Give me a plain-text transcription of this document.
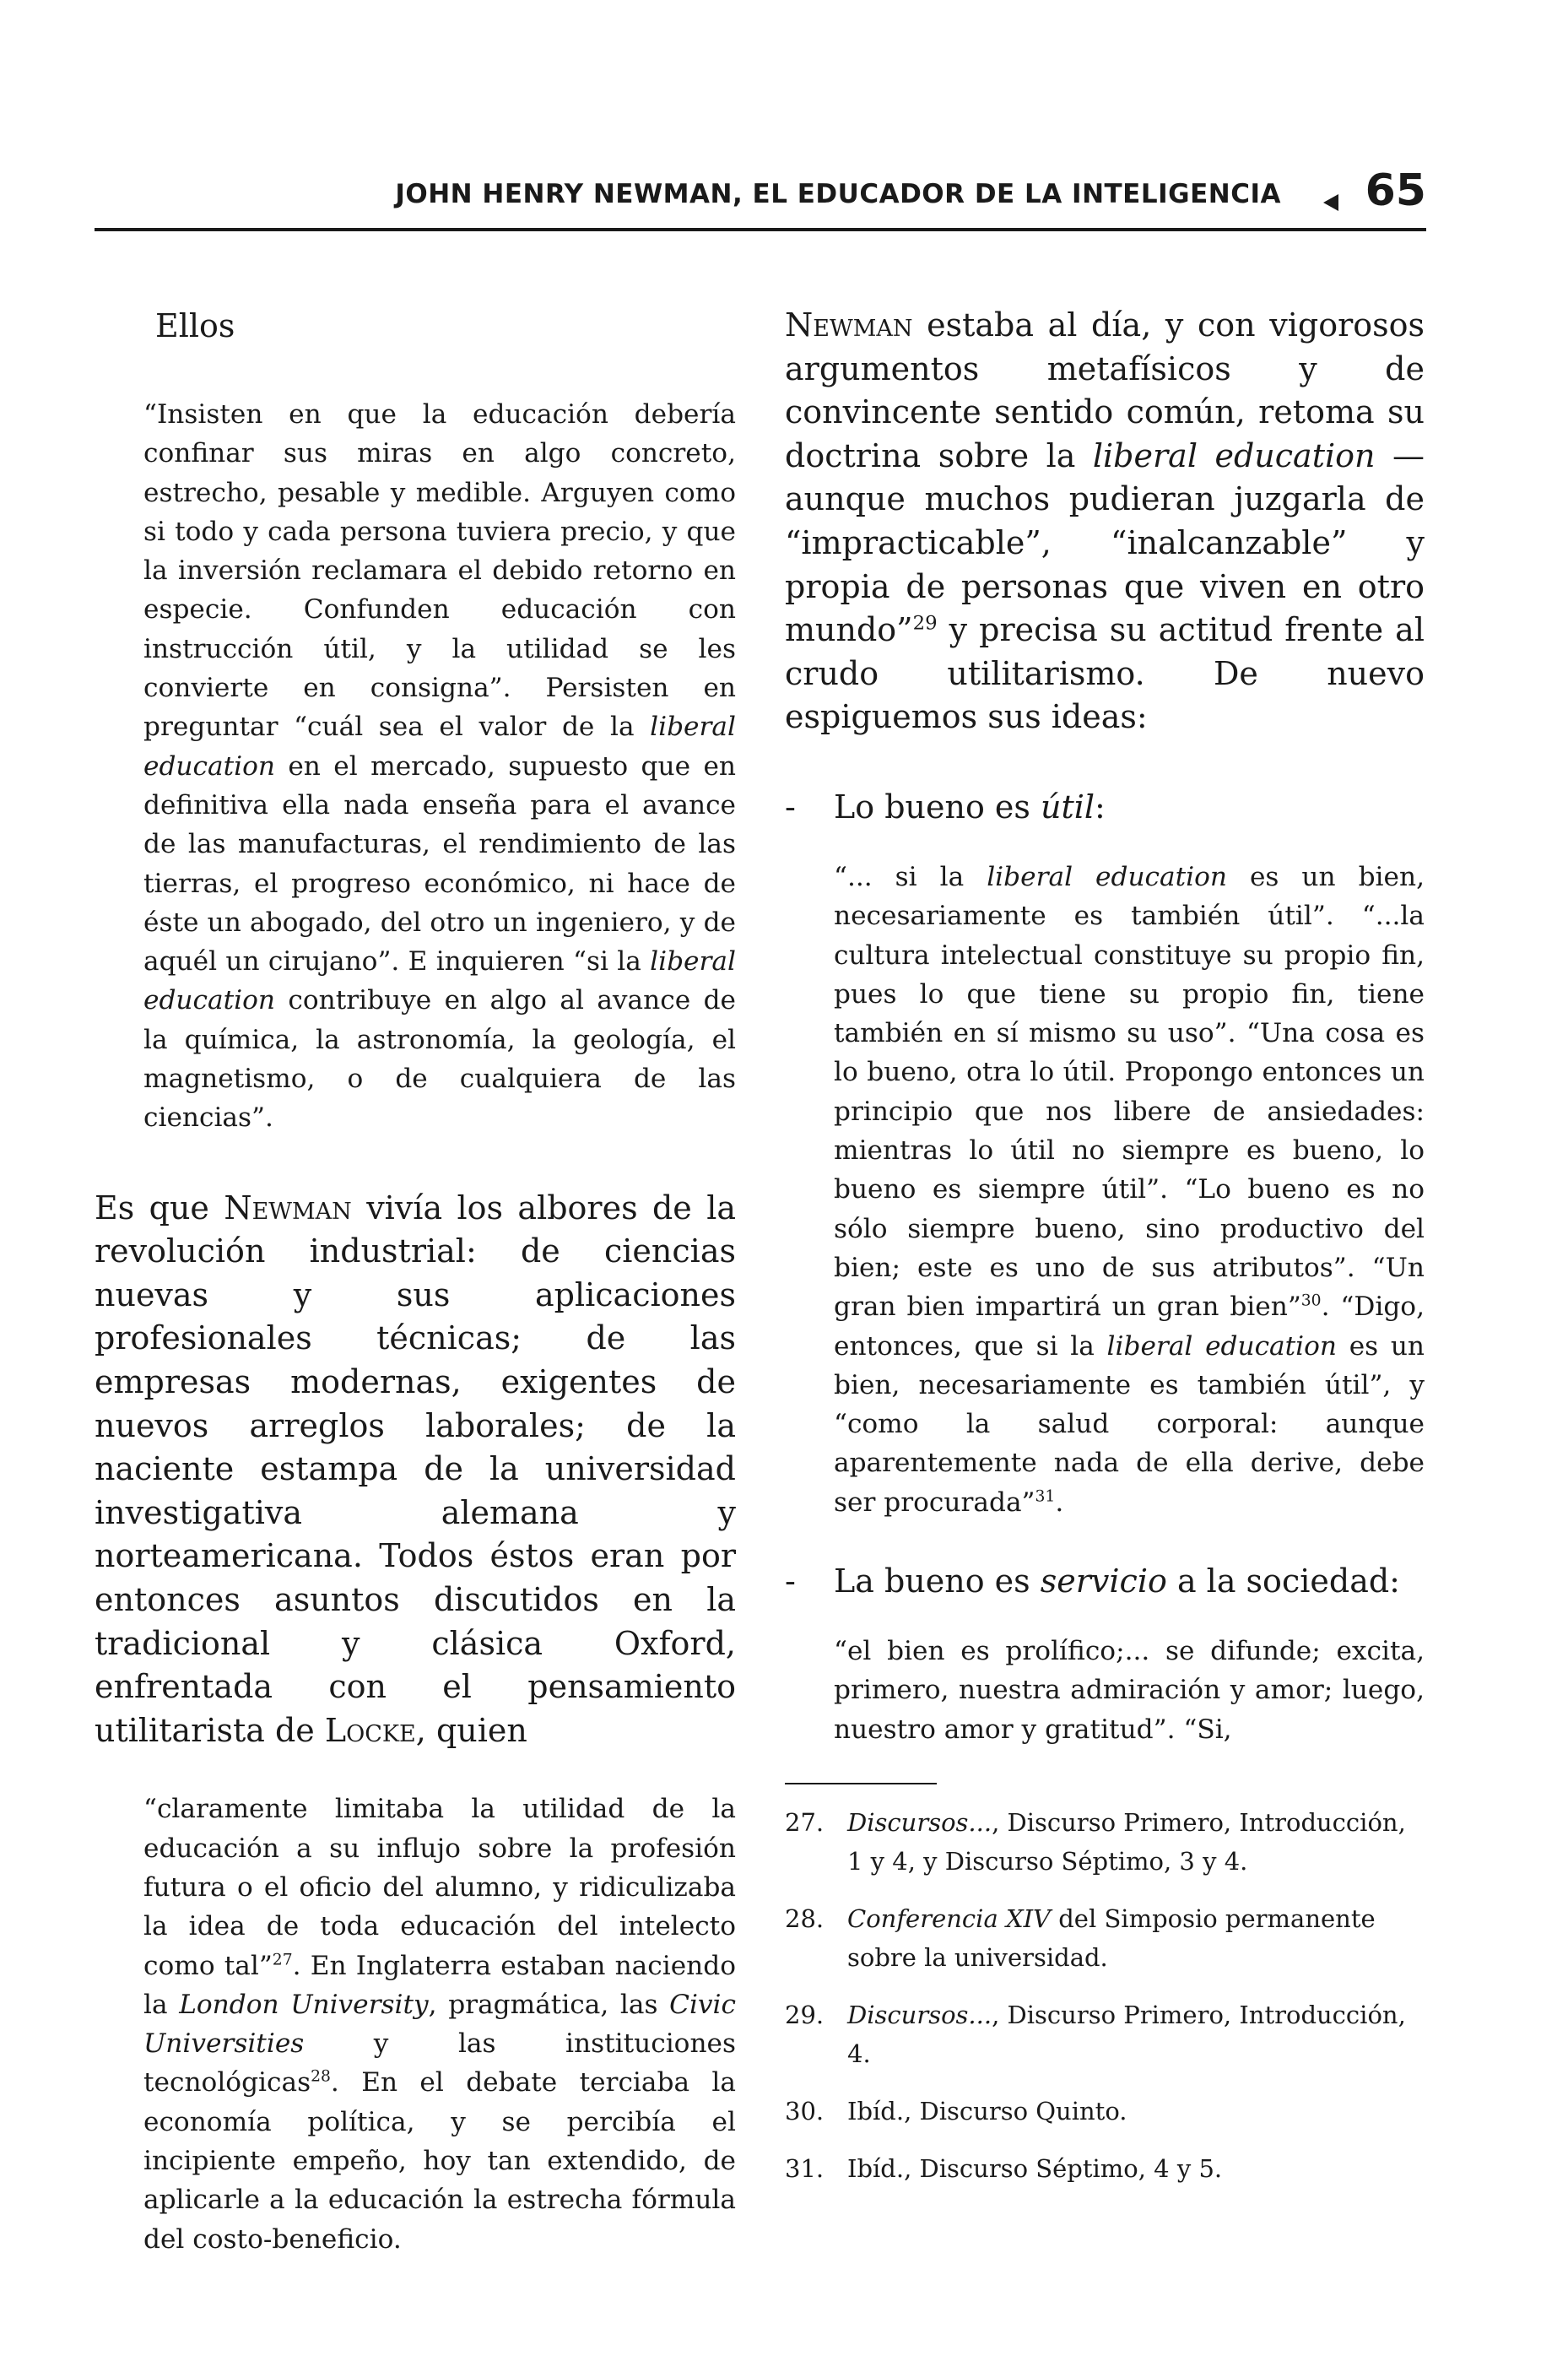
JOHN HENRY NEWMAN, EL EDUCADOR DE LA INTELIGENCIA 65

Ellos

“Insisten en que la educación debería confinar sus miras en algo concreto, estrecho, pesable y medible. Arguyen como si todo y cada persona tuviera precio, y que la inversión reclamara el debido retorno en especie. Confunden educación con instrucción útil, y la utilidad se les convierte en consigna”. Persisten en preguntar “cuál sea el valor de la liberal education en el mercado, supuesto que en definitiva ella nada enseña para el avance de las manufacturas, el rendimiento de las tierras, el progreso económico, ni hace de éste un abogado, del otro un ingeniero, y de aquél un cirujano”. E inquieren “si la liberal education contribuye en algo al avance de la química, la astronomía, la geología, el magnetismo, o de cualquiera de las ciencias”.

Es que Newman vivía los albores de la revolución industrial: de ciencias nuevas y sus aplicaciones profesionales técnicas; de las empresas modernas, exigentes de nuevos arreglos laborales; de la naciente estampa de la universidad investigativa alemana y norteamericana. Todos éstos eran por entonces asuntos discutidos en la tradicional y clásica Oxford, enfrentada con el pensamiento utilitarista de Locke, quien

“claramente limitaba la utilidad de la educación a su influjo sobre la profesión futura o el oficio del alumno, y ridiculizaba la idea de toda educación del intelecto como tal”$^{27}$. En Inglaterra estaban naciendo la London University, pragmática, las Civic Universities y las instituciones tecnológicas$^{28}$. En el debate terciaba la economía política, y se percibía el incipiente empeño, hoy tan extendido, de aplicarle a la educación la estrecha fórmula del costo-beneficio.

Newman estaba al día, y con vigorosos argumentos metafísicos y de convincente sentido común, retoma su doctrina sobre la liberal education —aunque muchos pudieran juzgarla de “impracticable”, “inalcanzable” y propia de personas que viven en otro mundo”$^{29}$ y precisa su actitud frente al crudo utilitarismo. De nuevo espiguemos sus ideas:

- Lo bueno es útil:

“... si la liberal education es un bien, necesariamente es también útil”. “...la cultura intelectual constituye su propio fin, pues lo que tiene su propio fin, tiene también en sí mismo su uso”. “Una cosa es lo bueno, otra lo útil. Propongo entonces un principio que nos libere de ansiedades: mientras lo útil no siempre es bueno, lo bueno es siempre útil”. “Lo bueno es no sólo siempre bueno, sino productivo del bien; este es uno de sus atributos”. “Un gran bien impartirá un gran bien”$^{30}$. “Digo, entonces, que si la liberal education es un bien, necesariamente es también útil”, y “como la salud corporal: aunque aparentemente nada de ella derive, debe ser procurada”$^{31}$.

- La bueno es servicio a la sociedad:

“el bien es prolífico;... se difunde; excita, primero, nuestra admiración y amor; luego, nuestro amor y gratitud”. “Si,

27. Discursos..., Discurso Primero, Introducción, 1 y 4, y Discurso Séptimo, 3 y 4.
28. Conferencia XIV del Simposio permanente sobre la universidad.
29. Discursos..., Discurso Primero, Introducción, 4.
30. Ibíd., Discurso Quinto.
31. Ibíd., Discurso Séptimo, 4 y 5.
